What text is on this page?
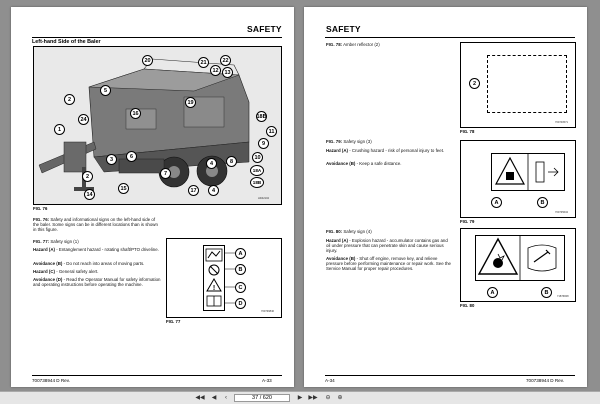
SAFETY
Left-hand Side of the Baler
20	21	22
12	13
5
19
2
16
24	18B
1	11
9
6
3	10
8
4
7
2
18A
18B
15
14
17	4
HD42104
FIG. 76
FIG. 76: Safety and informational signs on the left-hand side of the baler. Some signs can be in different locations than is shown in this figure.
FIG. 77: Safety sign (1)
Hazard (A) - Entanglement hazard - rotating shaft/PTO driveline.
Avoidance (B) - Do not reach into areas of moving parts.
Hazard (C) - General safety alert.
Avoidance (D) - Read the Operator Manual for safety information and operating instructions before operating the machine.
!
A
B
C
D
700736846
FIG. 77
700738944 D Rev.	A-33
SAFETY
FIG. 78: Amber reflector (2)
2
700740571
FIG. 78
FIG. 79: Safety sign (3)
Hazard (A) - Crushing hazard - risk of personal injury to feet.
Avoidance (B) - Keep a safe distance.
A	B
700735634
FIG. 79
FIG. 80: Safety sign (4)
Hazard (A) - Explosion hazard - accumulator contains gas and oil under pressure that can penetrate skin and cause serious injury.
Avoidance (B) - Shut off engine, remove key, and relieve pressure before performing maintenance or repair work. See the Service Manual for proper repair procedures.
A	B
71876848
FIG. 80
A-34	700738944 D Rev.
◀◀ ◀	‹	37
/
620	▶ ▶▶ ⊖ ⊕
